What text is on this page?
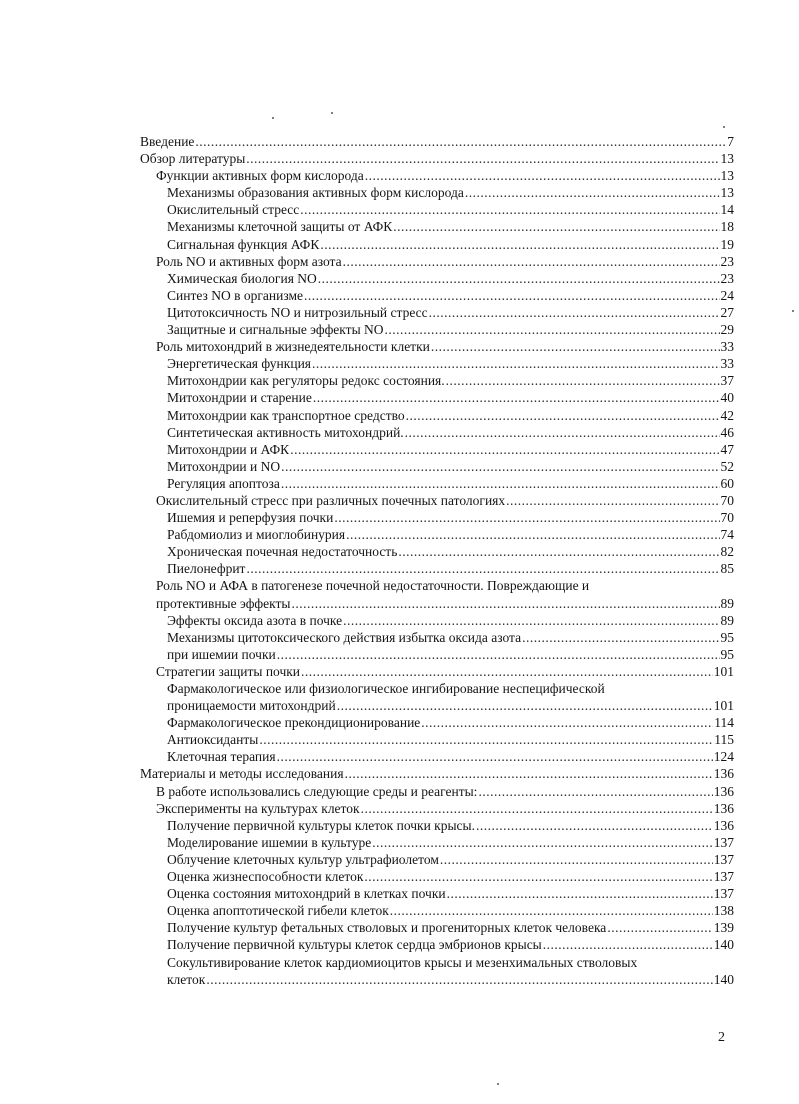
Введение .....	7
Обзор литературы .....	13
Функции активных форм кислорода .....	13
Механизмы образования активных форм кислорода .....	13
Окислительный стресс .....	14
Механизмы клеточной защиты от АФК .....	18
Сигнальная функция АФК .....	19
Роль NO и активных форм азота .....	23
Химическая биология NO .....	23
Синтез NO в организме .....	24
Цитотоксичность NO и нитрозильный стресс .....	27
Защитные и сигнальные эффекты NO .....	29
Роль митохондрий в жизнедеятельности клетки .....	33
Энергетическая функция .....	33
Митохондрии как регуляторы редокс состояния. .....	37
Митохондрии и старение .....	40
Митохондрии как транспортное средство .....	42
Синтетическая активность митохондрий. .....	46
Митохондрии и АФК .....	47
Митохондрии и NO .....	52
Регуляция апоптоза .....	60
Окислительный стресс при различных почечных патологиях .....	70
Ишемия и реперфузия почки .....	70
Рабдомиолиз и миоглобинурия .....	74
Хроническая почечная недостаточность .....	82
Пиелонефрит .....	85
Роль NO и АФА в патогенезе почечной недостаточности. Повреждающие и
протективные эффекты .....	89
Эффекты оксида азота в почке .....	89
Механизмы цитотоксического действия избытка оксида азота .....	95
при ишемии почки .....	95
Стратегии защиты почки .....	101
Фармакологическое или физиологическое ингибирование неспецифической
проницаемости митохондрий .....	101
Фармакологическое прекондиционирование .....	114
Антиоксиданты .....	115
Клеточная терапия .....	124
Материалы и методы исследования .....	136
В работе использовались следующие среды и реагенты: .....	136
Эксперименты на культурах клеток .....	136
Получение первичной культуры клеток почки крысы. .....	136
Моделирование ишемии в культуре .....	137
Облучение клеточных культур ультрафиолетом .....	137
Оценка жизнеспособности клеток .....	137
Оценка состояния митохондрий в клетках почки .....	137
Оценка апоптотической гибели клеток .....	138
Получение культур фетальных стволовых и прогениторных клеток человека .....	139
Получение первичной культуры клеток сердца эмбрионов крысы .....	140
Сокультивирование клеток кардиомиоцитов крысы и мезенхимальных стволовых
клеток .....	140
2
